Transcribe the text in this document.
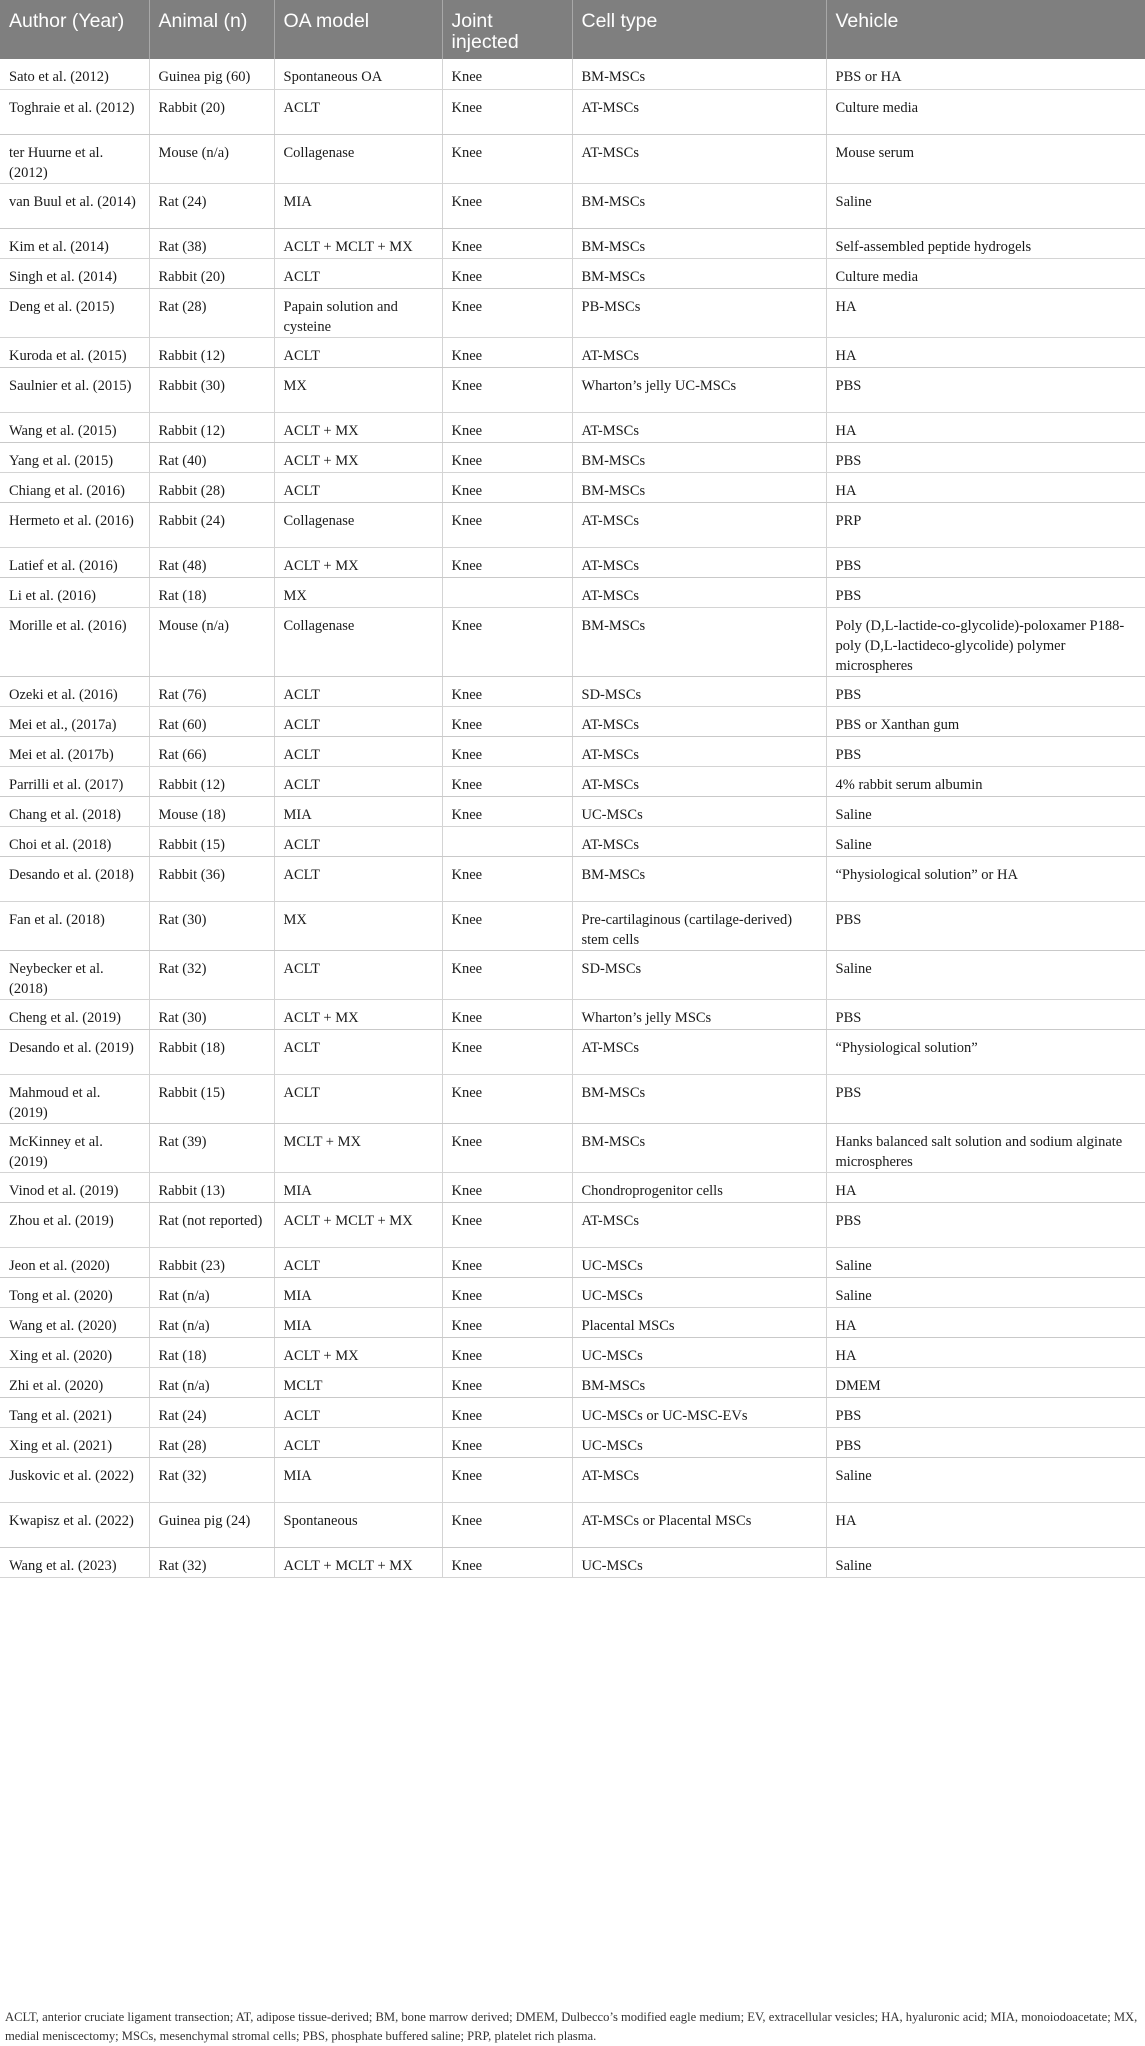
Author (Year)	Animal (n)	OA model	Joint injected	Cell type	Vehicle
Sato et al. (2012)	Guinea pig (60)	Spontaneous OA	Knee	BM-MSCs	PBS or HA
Toghraie et al. (2012)	Rabbit (20)	ACLT	Knee	AT-MSCs	Culture media
ter Huurne et al. (2012)	Mouse (n/a)	Collagenase	Knee	AT-MSCs	Mouse serum
van Buul et al. (2014)	Rat (24)	MIA	Knee	BM-MSCs	Saline
Kim et al. (2014)	Rat (38)	ACLT + MCLT + MX	Knee	BM-MSCs	Self-assembled peptide hydrogels
Singh et al. (2014)	Rabbit (20)	ACLT	Knee	BM-MSCs	Culture media
Deng et al. (2015)	Rat (28)	Papain solution and cysteine	Knee	PB-MSCs	HA
Kuroda et al. (2015)	Rabbit (12)	ACLT	Knee	AT-MSCs	HA
Saulnier et al. (2015)	Rabbit (30)	MX	Knee	Wharton’s jelly UC-MSCs	PBS
Wang et al. (2015)	Rabbit (12)	ACLT + MX	Knee	AT-MSCs	HA
Yang et al. (2015)	Rat (40)	ACLT + MX	Knee	BM-MSCs	PBS
Chiang et al. (2016)	Rabbit (28)	ACLT	Knee	BM-MSCs	HA
Hermeto et al. (2016)	Rabbit (24)	Collagenase	Knee	AT-MSCs	PRP
Latief et al. (2016)	Rat (48)	ACLT + MX	Knee	AT-MSCs	PBS
Li et al. (2016)	Rat (18)	MX		AT-MSCs	PBS
Morille et al. (2016)	Mouse (n/a)	Collagenase	Knee	BM-MSCs	Poly (D,L-lactide-co-glycolide)-poloxamer P188-poly (D,L-lactideco-glycolide) polymer microspheres
Ozeki et al. (2016)	Rat (76)	ACLT	Knee	SD-MSCs	PBS
Mei et al., (2017a)	Rat (60)	ACLT	Knee	AT-MSCs	PBS or Xanthan gum
Mei et al. (2017b)	Rat (66)	ACLT	Knee	AT-MSCs	PBS
Parrilli et al. (2017)	Rabbit (12)	ACLT	Knee	AT-MSCs	4% rabbit serum albumin
Chang et al. (2018)	Mouse (18)	MIA	Knee	UC-MSCs	Saline
Choi et al. (2018)	Rabbit (15)	ACLT		AT-MSCs	Saline
Desando et al. (2018)	Rabbit (36)	ACLT	Knee	BM-MSCs	“Physiological solution” or HA
Fan et al. (2018)	Rat (30)	MX	Knee	Pre-cartilaginous (cartilage-derived) stem cells	PBS
Neybecker et al. (2018)	Rat (32)	ACLT	Knee	SD-MSCs	Saline
Cheng et al. (2019)	Rat (30)	ACLT + MX	Knee	Wharton’s jelly MSCs	PBS
Desando et al. (2019)	Rabbit (18)	ACLT	Knee	AT-MSCs	“Physiological solution”
Mahmoud et al. (2019)	Rabbit (15)	ACLT	Knee	BM-MSCs	PBS
McKinney et al. (2019)	Rat (39)	MCLT + MX	Knee	BM-MSCs	Hanks balanced salt solution and sodium alginate microspheres
Vinod et al. (2019)	Rabbit (13)	MIA	Knee	Chondroprogenitor cells	HA
Zhou et al. (2019)	Rat (not reported)	ACLT + MCLT + MX	Knee	AT-MSCs	PBS
Jeon et al. (2020)	Rabbit (23)	ACLT	Knee	UC-MSCs	Saline
Tong et al. (2020)	Rat (n/a)	MIA	Knee	UC-MSCs	Saline
Wang et al. (2020)	Rat (n/a)	MIA	Knee	Placental MSCs	HA
Xing et al. (2020)	Rat (18)	ACLT + MX	Knee	UC-MSCs	HA
Zhi et al. (2020)	Rat (n/a)	MCLT	Knee	BM-MSCs	DMEM
Tang et al. (2021)	Rat (24)	ACLT	Knee	UC-MSCs or UC-MSC-EVs	PBS
Xing et al. (2021)	Rat (28)	ACLT	Knee	UC-MSCs	PBS
Juskovic et al. (2022)	Rat (32)	MIA	Knee	AT-MSCs	Saline
Kwapisz et al. (2022)	Guinea pig (24)	Spontaneous	Knee	AT-MSCs or Placental MSCs	HA
Wang et al. (2023)	Rat (32)	ACLT + MCLT + MX	Knee	UC-MSCs	Saline
ACLT, anterior cruciate ligament transection; AT, adipose tissue-derived; BM, bone marrow derived; DMEM, Dulbecco’s modified eagle medium; EV, extracellular vesicles; HA, hyaluronic acid; MIA, monoiodoacetate; MX, medial meniscectomy; MSCs, mesenchymal stromal cells; PBS, phosphate buffered saline; PRP, platelet rich plasma.
